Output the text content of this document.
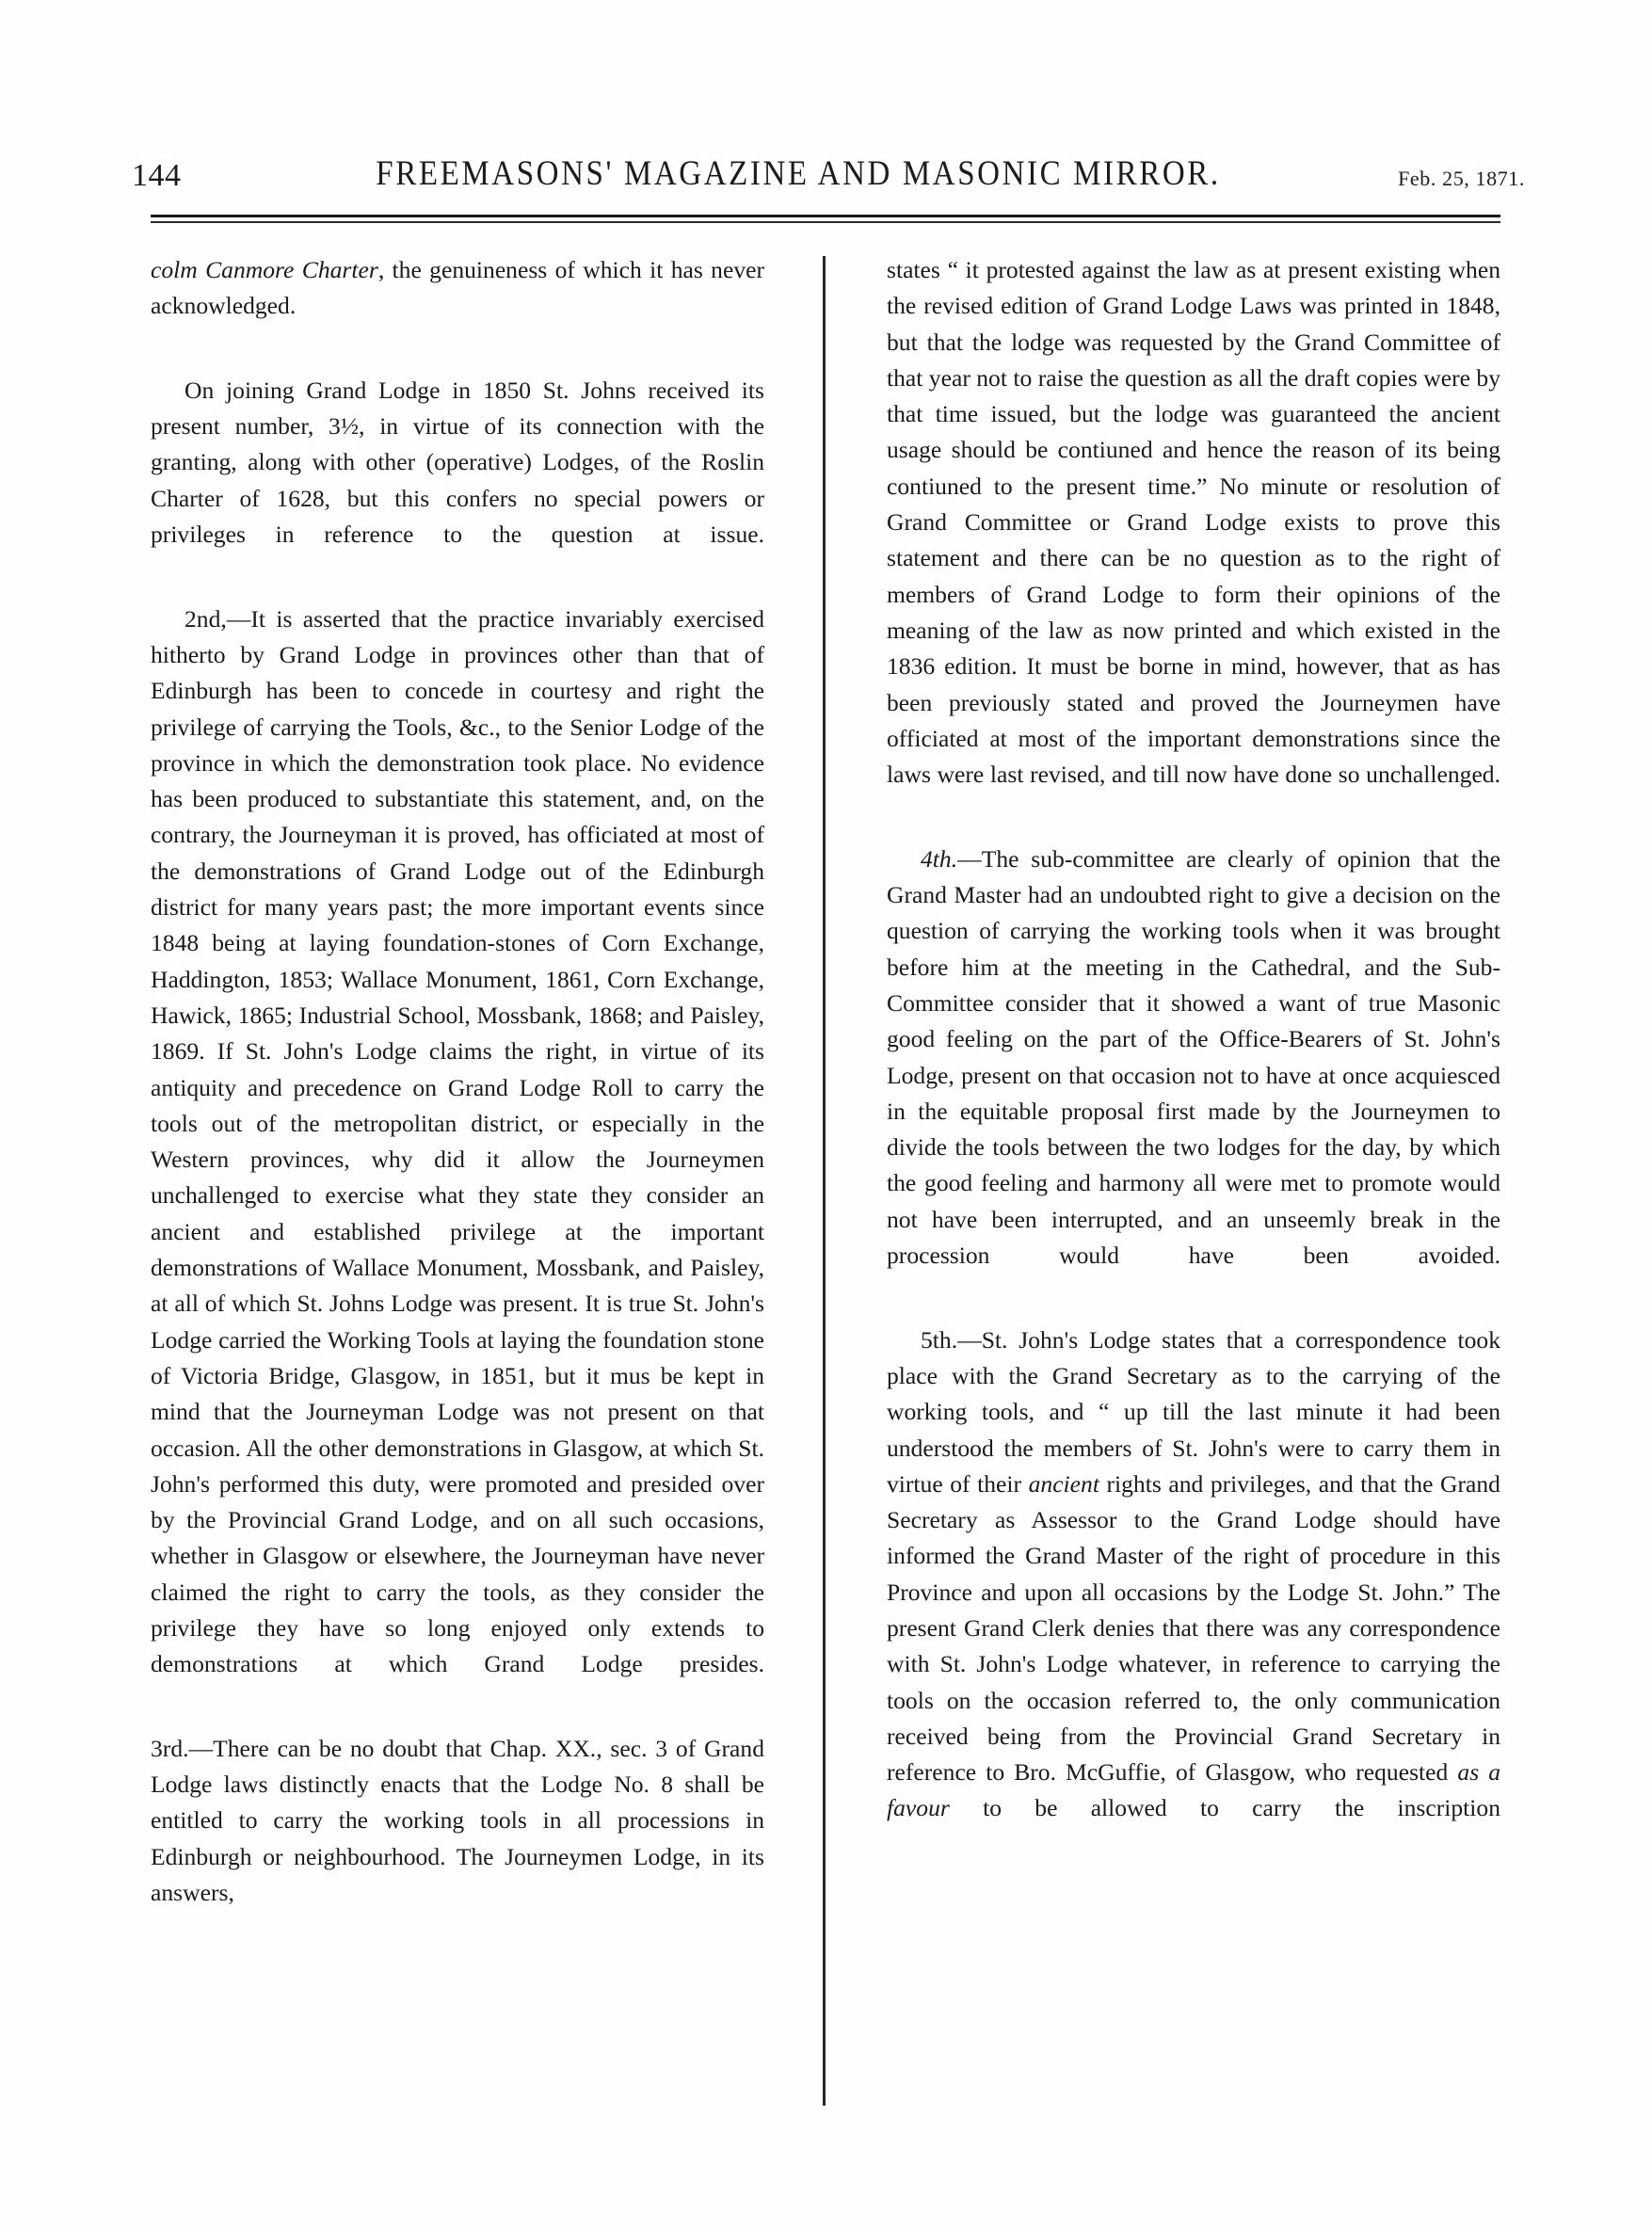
144	FREEMASONS' MAGAZINE AND MASONIC MIRROR.	Feb. 25, 1871.

colm Canmore Charter, the genuineness of which it has never acknowledged.

On joining Grand Lodge in 1850 St. Johns received its present number, 3½, in virtue of its connection with the granting, along with other (operative) Lodges, of the Roslin Charter of 1628, but this confers no special powers or privileges in reference to the question at issue.

2nd,—It is asserted that the practice invariably exercised hitherto by Grand Lodge in provinces other than that of Edinburgh has been to concede in courtesy and right the privilege of carrying the Tools, &c., to the Senior Lodge of the province in which the demonstration took place. No evidence has been produced to substantiate this statement, and, on the contrary, the Journeyman it is proved, has officiated at most of the demonstrations of Grand Lodge out of the Edinburgh district for many years past; the more important events since 1848 being at laying foundation-stones of Corn Exchange, Haddington, 1853; Wallace Monument, 1861, Corn Exchange, Hawick, 1865; Industrial School, Mossbank, 1868; and Paisley, 1869. If St. John's Lodge claims the right, in virtue of its antiquity and precedence on Grand Lodge Roll to carry the tools out of the metropolitan district, or especially in the Western provinces, why did it allow the Journeymen unchallenged to exercise what they state they consider an ancient and established privilege at the important demonstrations of Wallace Monument, Mossbank, and Paisley, at all of which St. Johns Lodge was present. It is true St. John's Lodge carried the Working Tools at laying the foundation stone of Victoria Bridge, Glasgow, in 1851, but it mus be kept in mind that the Journeyman Lodge was not present on that occasion. All the other demonstrations in Glasgow, at which St. John's performed this duty, were promoted and presided over by the Provincial Grand Lodge, and on all such occasions, whether in Glasgow or elsewhere, the Journeyman have never claimed the right to carry the tools, as they consider the privilege they have so long enjoyed only extends to demonstrations at which Grand Lodge presides.

3rd.—There can be no doubt that Chap. XX., sec. 3 of Grand Lodge laws distinctly enacts that the Lodge No. 8 shall be entitled to carry the working tools in all processions in Edinburgh or neighbourhood. The Journeymen Lodge, in its answers,

states “ it protested against the law as at present existing when the revised edition of Grand Lodge Laws was printed in 1848, but that the lodge was requested by the Grand Committee of that year not to raise the question as all the draft copies were by that time issued, but the lodge was guaranteed the ancient usage should be contiuned and hence the reason of its being contiuned to the present time.” No minute or resolution of Grand Committee or Grand Lodge exists to prove this statement and there can be no question as to the right of members of Grand Lodge to form their opinions of the meaning of the law as now printed and which existed in the 1836 edition. It must be borne in mind, however, that as has been previously stated and proved the Journeymen have officiated at most of the important demonstrations since the laws were last revised, and till now have done so unchallenged.

4th.—The sub-committee are clearly of opinion that the Grand Master had an undoubted right to give a decision on the question of carrying the working tools when it was brought before him at the meeting in the Cathedral, and the Sub-Committee consider that it showed a want of true Masonic good feeling on the part of the Office-Bearers of St. John's Lodge, present on that occasion not to have at once acquiesced in the equitable proposal first made by the Journeymen to divide the tools between the two lodges for the day, by which the good feeling and harmony all were met to promote would not have been interrupted, and an unseemly break in the procession would have been avoided.

5th.—St. John's Lodge states that a correspondence took place with the Grand Secretary as to the carrying of the working tools, and “ up till the last minute it had been understood the members of St. John's were to carry them in virtue of their ancient rights and privileges, and that the Grand Secretary as Assessor to the Grand Lodge should have informed the Grand Master of the right of procedure in this Province and upon all occasions by the Lodge St. John.” The present Grand Clerk denies that there was any correspondence with St. John's Lodge whatever, in reference to carrying the tools on the occasion referred to, the only communication received being from the Provincial Grand Secretary in reference to Bro. McGuffie, of Glasgow, who requested as a favour to be allowed to carry the inscription
